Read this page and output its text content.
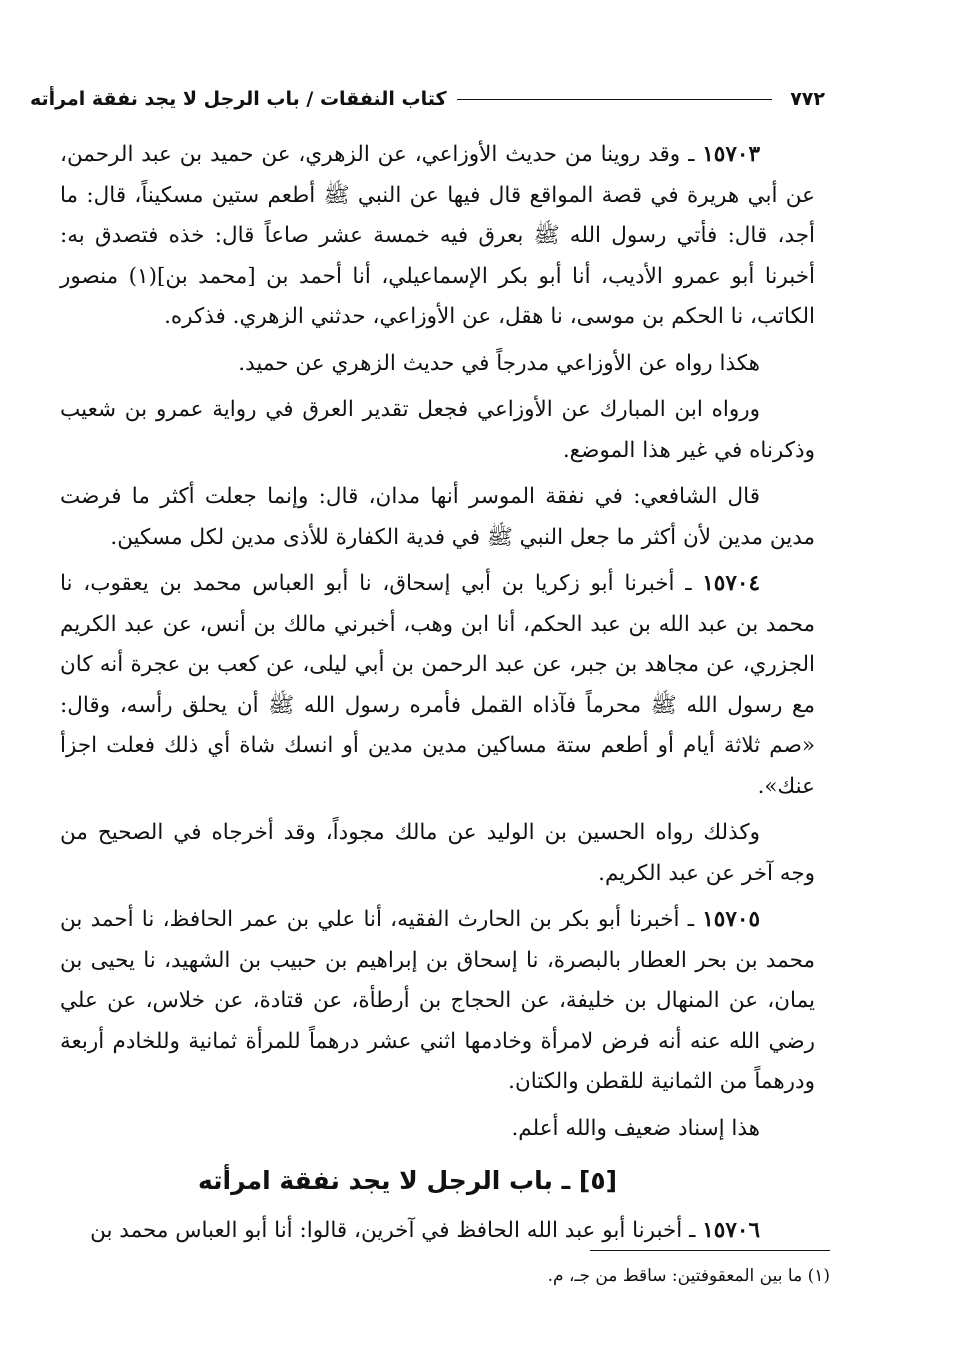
٧٧٢
كتاب النفقات / باب الرجل لا يجد نفقة امرأته

١٥٧٠٣ ـ وقد روينا من حديث الأوزاعي، عن الزهري، عن حميد بن عبد الرحمن، عن أبي هريرة في قصة المواقع قال فيها عن النبي ﷺ أطعم ستين مسكيناً، قال: ما أجد، قال: فأتي رسول الله ﷺ بعرق فيه خمسة عشر صاعاً قال: خذه فتصدق به: أخبرنا أبو عمرو الأديب، أنا أبو بكر الإسماعيلي، أنا أحمد بن [محمد بن](١) منصور الكاتب، نا الحكم بن موسى، نا هقل، عن الأوزاعي، حدثني الزهري. فذكره.

هكذا رواه عن الأوزاعي مدرجاً في حديث الزهري عن حميد.

ورواه ابن المبارك عن الأوزاعي فجعل تقدير العرق في رواية عمرو بن شعيب وذكرناه في غير هذا الموضع.

قال الشافعي: في نفقة الموسر أنها مدان، قال: وإنما جعلت أكثر ما فرضت مدين مدين لأن أكثر ما جعل النبي ﷺ في فدية الكفارة للأذى مدين لكل مسكين.

١٥٧٠٤ ـ أخبرنا أبو زكريا بن أبي إسحاق، نا أبو العباس محمد بن يعقوب، نا محمد بن عبد الله بن عبد الحكم، أنا ابن وهب، أخبرني مالك بن أنس، عن عبد الكريم الجزري، عن مجاهد بن جبر، عن عبد الرحمن بن أبي ليلى، عن كعب بن عجرة أنه كان مع رسول الله ﷺ محرماً فآذاه القمل فأمره رسول الله ﷺ أن يحلق رأسه، وقال: «صم ثلاثة أيام أو أطعم ستة مساكين مدين مدين أو انسك شاة أي ذلك فعلت اجزأ عنك».

وكذلك رواه الحسين بن الوليد عن مالك مجوداً، وقد أخرجاه في الصحيح من وجه آخر عن عبد الكريم.

١٥٧٠٥ ـ أخبرنا أبو بكر بن الحارث الفقيه، أنا علي بن عمر الحافظ، نا أحمد بن محمد بن بحر العطار بالبصرة، نا إسحاق بن إبراهيم بن حبيب بن الشهيد، نا يحيى بن يمان، عن المنهال بن خليفة، عن الحجاج بن أرطأة، عن قتادة، عن خلاس، عن علي رضي الله عنه أنه فرض لامرأة وخادمها اثني عشر درهماً للمرأة ثمانية وللخادم أربعة ودرهماً من الثمانية للقطن والكتان.

هذا إسناد ضعيف والله أعلم.

[٥] ـ باب الرجل لا يجد نفقة امرأته

١٥٧٠٦ ـ أخبرنا أبو عبد الله الحافظ في آخرين، قالوا: أنا أبو العباس محمد بن

(١) ما بين المعقوفتين: ساقط من جـ، م.
